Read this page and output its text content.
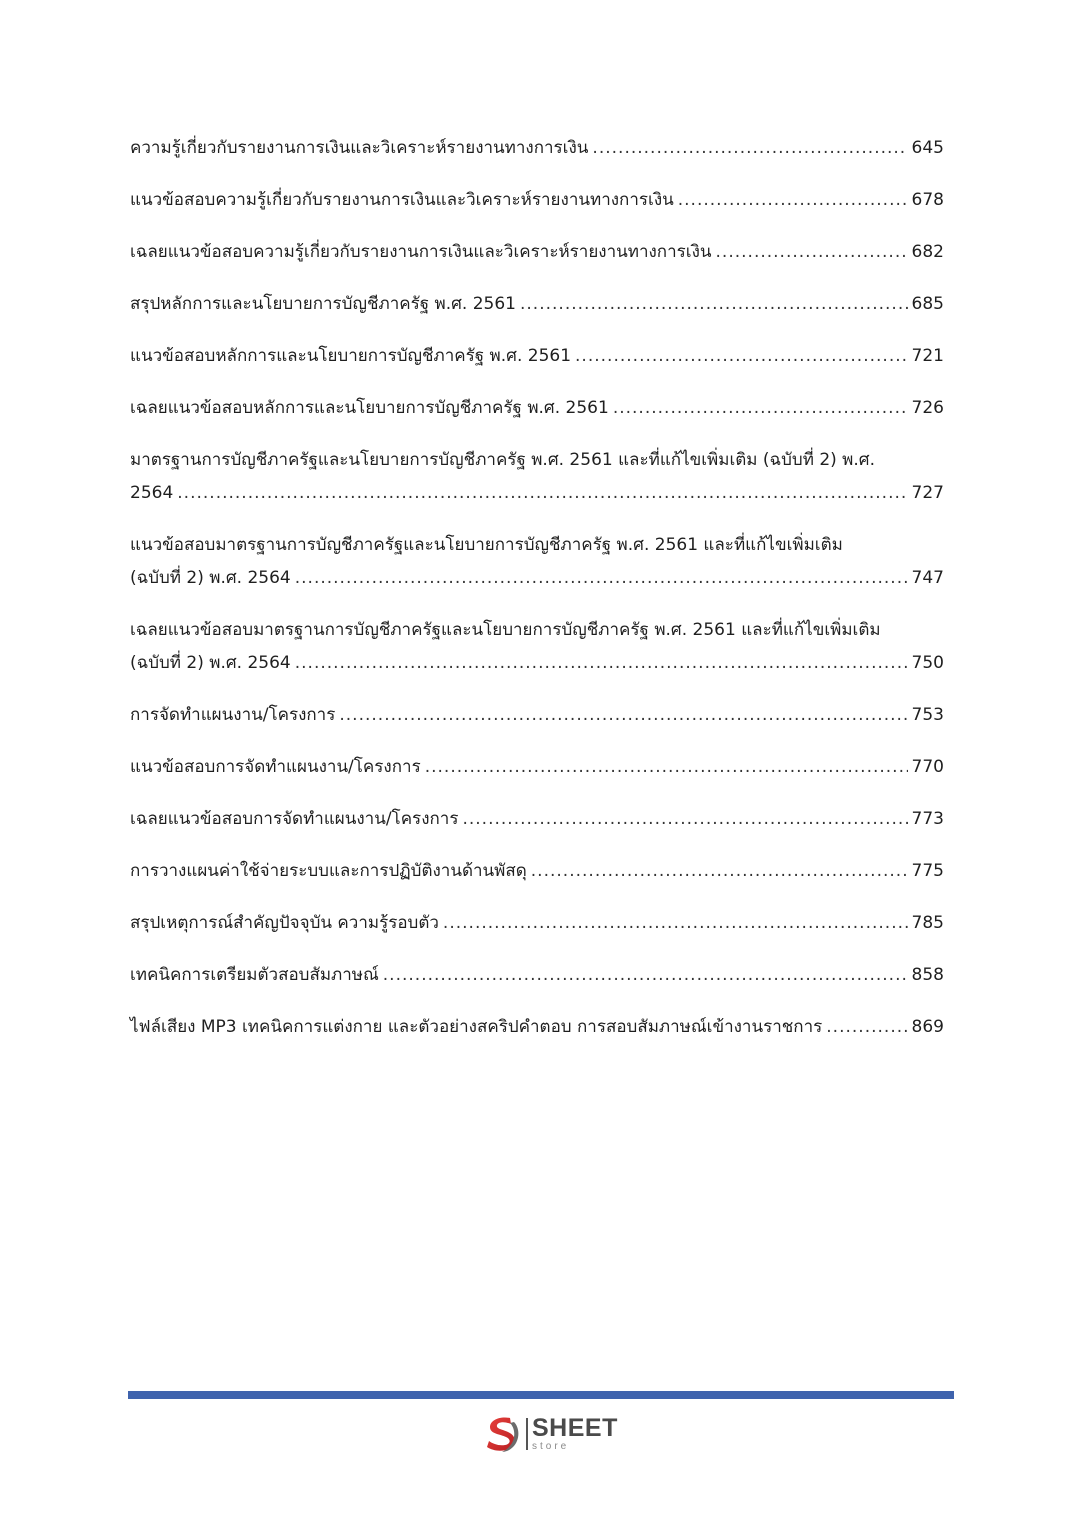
ความรู้เกี่ยวกับรายงานการเงินและวิเคราะห์รายงานทางการเงิน .....	645
แนวข้อสอบความรู้เกี่ยวกับรายงานการเงินและวิเคราะห์รายงานทางการเงิน .....	678
เฉลยแนวข้อสอบความรู้เกี่ยวกับรายงานการเงินและวิเคราะห์รายงานทางการเงิน .....	682
สรุปหลักการและนโยบายการบัญชีภาครัฐ พ.ศ. 2561 .....	685
แนวข้อสอบหลักการและนโยบายการบัญชีภาครัฐ พ.ศ. 2561 .....	721
เฉลยแนวข้อสอบหลักการและนโยบายการบัญชีภาครัฐ พ.ศ. 2561 .....	726
มาตรฐานการบัญชีภาครัฐและนโยบายการบัญชีภาครัฐ พ.ศ. 2561 และที่แก้ไขเพิ่มเติม (ฉบับที่ 2) พ.ศ.
2564 .....	727
แนวข้อสอบมาตรฐานการบัญชีภาครัฐและนโยบายการบัญชีภาครัฐ พ.ศ. 2561 และที่แก้ไขเพิ่มเติม
(ฉบับที่ 2) พ.ศ. 2564 .....	747
เฉลยแนวข้อสอบมาตรฐานการบัญชีภาครัฐและนโยบายการบัญชีภาครัฐ พ.ศ. 2561 และที่แก้ไขเพิ่มเติม
(ฉบับที่ 2) พ.ศ. 2564 .....	750
การจัดทำแผนงาน/โครงการ .....	753
แนวข้อสอบการจัดทำแผนงาน/โครงการ .....	770
เฉลยแนวข้อสอบการจัดทำแผนงาน/โครงการ .....	773
การวางแผนค่าใช้จ่ายระบบและการปฏิบัติงานด้านพัสดุ .....	775
สรุปเหตุการณ์สำคัญปัจจุบัน ความรู้รอบตัว .....	785
เทคนิคการเตรียมตัวสอบสัมภาษณ์ .....	858
ไฟล์เสียง MP3 เทคนิคการแต่งกาย และตัวอย่างสคริปคำตอบ การสอบสัมภาษณ์เข้างานราชการ .....	869
SHEET
store
